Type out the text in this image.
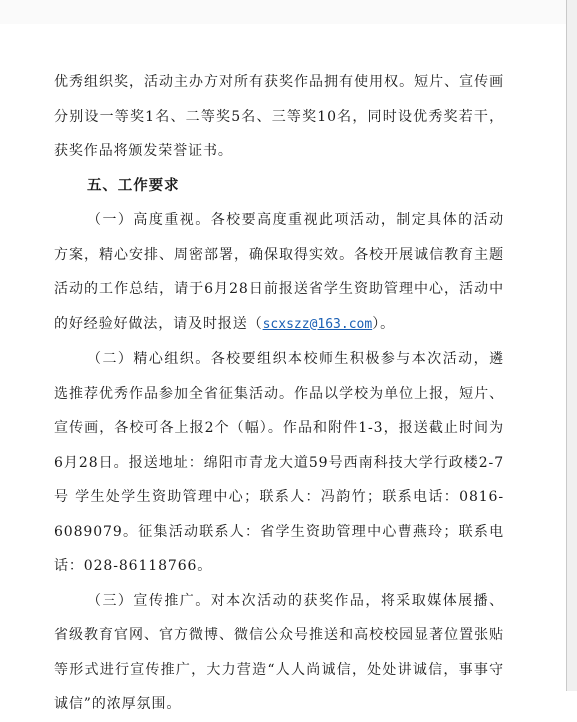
优秀组织奖，活动主办方对所有获奖作品拥有使用权。短片、宣传画分别设一等奖1名、二等奖5名、三等奖10名，同时设优秀奖若干，获奖作品将颁发荣誉证书。

五、工作要求

（一）高度重视。各校要高度重视此项活动，制定具体的活动方案，精心安排、周密部署，确保取得实效。各校开展诚信教育主题活动的工作总结，请于6月28日前报送省学生资助管理中心，活动中的好经验好做法，请及时报送（scxszz@163.com）。

（二）精心组织。各校要组织本校师生积极参与本次活动，遴选推荐优秀作品参加全省征集活动。作品以学校为单位上报，短片、宣传画，各校可各上报2个（幅）。作品和附件1-3，报送截止时间为6月28日。报送地址：绵阳市青龙大道59号西南科技大学行政楼2-7号 学生处学生资助管理中心；联系人：冯韵竹；联系电话：0816-6089079。征集活动联系人：省学生资助管理中心曹燕玲；联系电话：028-86118766。

（三）宣传推广。对本次活动的获奖作品，将采取媒体展播、省级教育官网、官方微博、微信公众号推送和高校校园显著位置张贴等形式进行宣传推广，大力营造“人人尚诚信，处处讲诚信，事事守诚信”的浓厚氛围。
